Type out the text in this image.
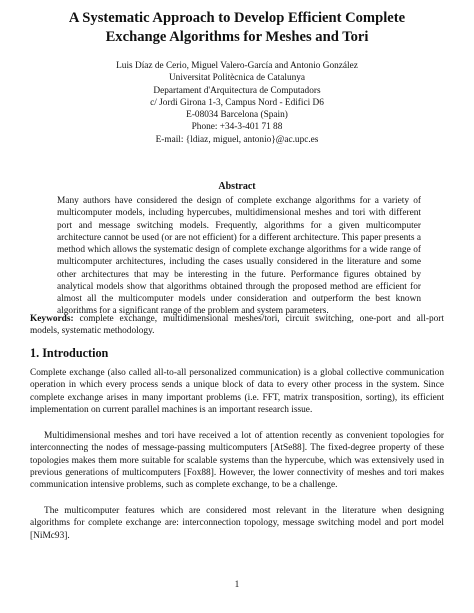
A Systematic Approach to Develop Efficient Complete
Exchange Algorithms for Meshes and Tori
Luis Díaz de Cerio, Miguel Valero-García and Antonio González
Universitat Politècnica de Catalunya
Departament d'Arquitectura de Computadors
c/ Jordi Girona 1-3, Campus Nord - Edifici D6
E-08034 Barcelona (Spain)
Phone: +34-3-401 71 88
E-mail: {ldiaz, miguel, antonio}@ac.upc.es
Abstract

Many authors have considered the design of complete exchange algorithms for a variety of multicomputer models, including hypercubes, multidimensional meshes and tori with different port and message switching models. Frequently, algorithms for a given multicomputer architecture cannot be used (or are not efficient) for a different architecture. This paper presents a method which allows the systematic design of complete exchange algorithms for a wide range of multicomputer architectures, including the cases usually considered in the literature and some other architectures that may be interesting in the future. Performance figures obtained by analytical models show that algorithms obtained through the proposed method are efficient for almost all the multicomputer models under consideration and outperform the best known algorithms for a significant range of the problem and system parameters.

Keywords: complete exchange, multidimensional meshes/tori, circuit switching, one-port and all-port models, systematic methodology.

1. Introduction

Complete exchange (also called all-to-all personalized communication) is a global collective communication operation in which every process sends a unique block of data to every other process in the system. Since complete exchange arises in many important problems (i.e. FFT, matrix transposition, sorting), its efficient implementation on current parallel machines is an important research issue.

Multidimensional meshes and tori have received a lot of attention recently as convenient topologies for interconnecting the nodes of message-passing multicomputers [AtSe88]. The fixed-degree property of these topologies makes them more suitable for scalable systems than the hypercube, which was extensively used in previous generations of multicomputers [Fox88]. However, the lower connectivity of meshes and tori makes communication intensive problems, such as complete exchange, to be a challenge.

The multicomputer features which are considered most relevant in the literature when designing algorithms for complete exchange are: interconnection topology, message switching model and port model [NiMc93].

1
